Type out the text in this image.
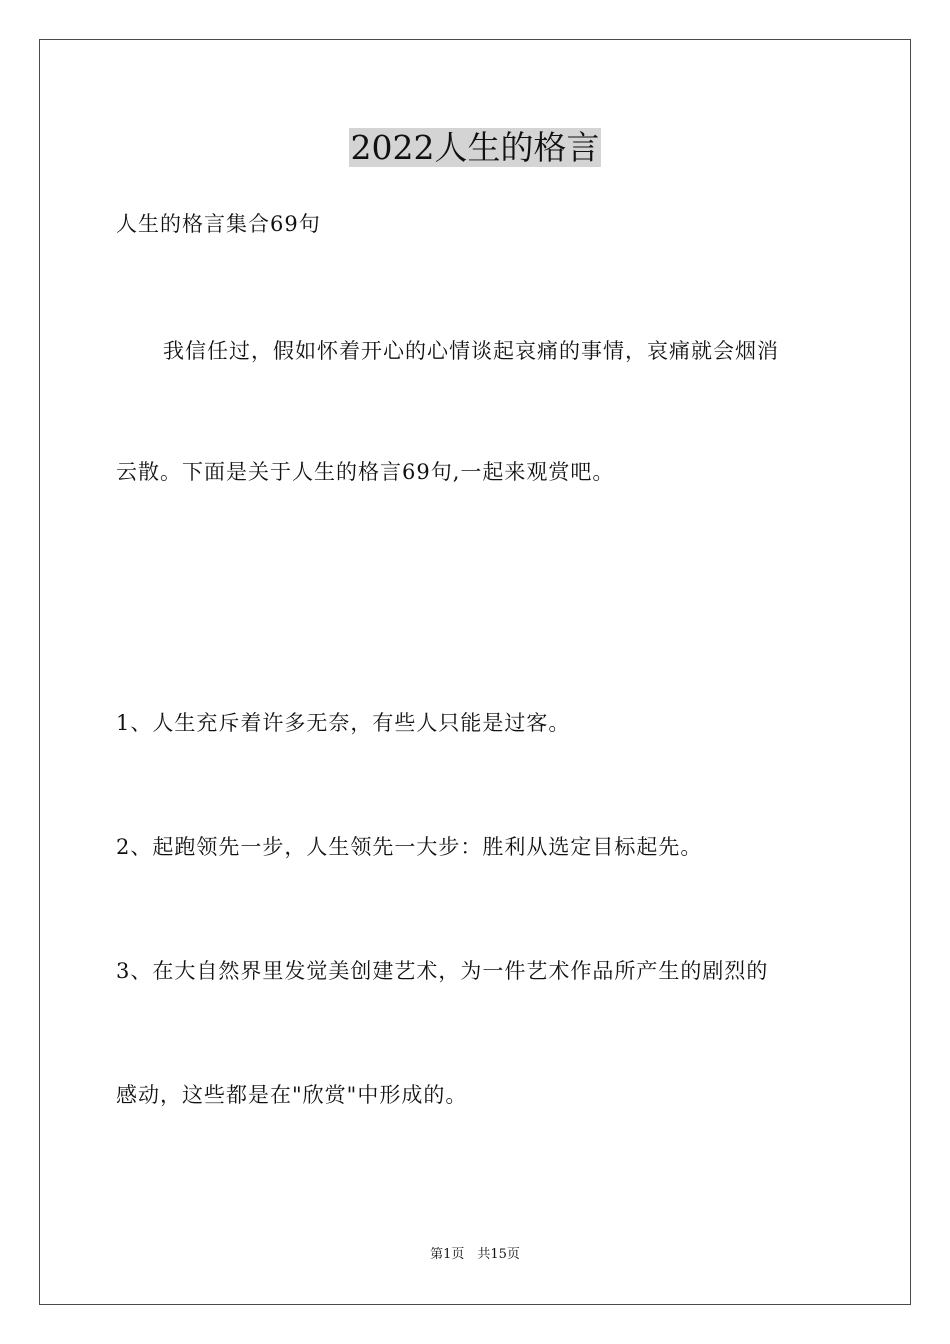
2022人生的格言

人生的格言集合69句

我信任过，假如怀着开心的心情谈起哀痛的事情，哀痛就会烟消

云散。下面是关于人生的格言69句,一起来观赏吧。

1、人生充斥着许多无奈，有些人只能是过客。

2、起跑领先一步，人生领先一大步：胜利从选定目标起先。

3、在大自然界里发觉美创建艺术，为一件艺术作品所产生的剧烈的

感动，这些都是在"欣赏"中形成的。

第1页　共15页
